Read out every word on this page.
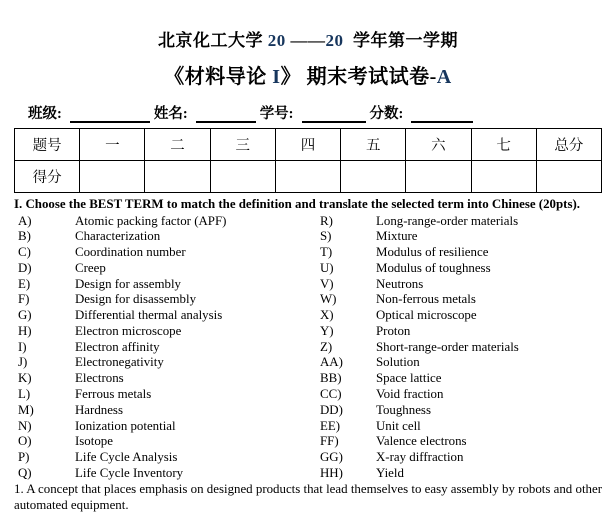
北京化工大学 20 ——20  学年第一学期
《材料导论 I》 期末考试试卷-A
班级:	姓名:	学号:	分数:
题号	一	二	三	四	五	六	七	总分
得分								
I. Choose the BEST TERM to match the definition and translate the selected term into Chinese (20pts).
A)	Atomic packing factor (APF)	R)	Long-range-order materials
B)	Characterization	S)	Mixture
C)	Coordination number	T)	Modulus of resilience
D)	Creep	U)	Modulus of toughness
E)	Design for assembly	V)	Neutrons
F)	Design for disassembly	W)	Non-ferrous metals
G)	Differential thermal analysis	X)	Optical microscope
H)	Electron microscope	Y)	Proton
I)	Electron affinity	Z)	Short-range-order materials
J)	Electronegativity	AA)	Solution
K)	Electrons	BB)	Space lattice
L)	Ferrous metals	CC)	Void fraction
M)	Hardness	DD)	Toughness
N)	Ionization potential	EE)	Unit cell
O)	Isotope	FF)	Valence electrons
P)	Life Cycle Analysis	GG)	X-ray diffraction
Q)	Life Cycle Inventory	HH)	Yield
1. A concept that places emphasis on designed products that lead themselves to easy assembly by robots and other automated equipment.
